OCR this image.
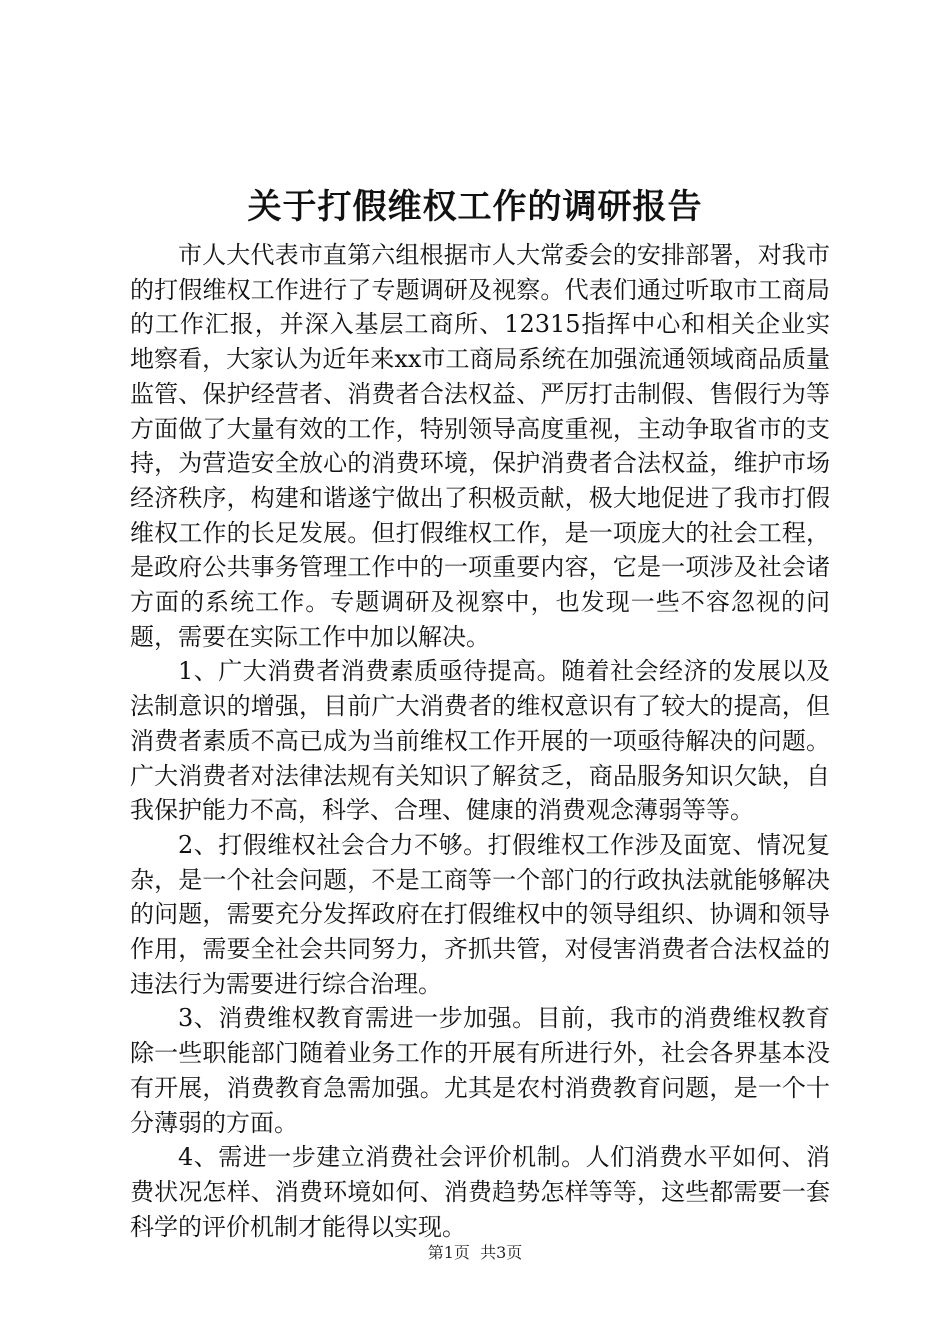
关于打假维权工作的调研报告

市人大代表市直第六组根据市人大常委会的安排部署，对我市的打假维权工作进行了专题调研及视察。代表们通过听取市工商局的工作汇报，并深入基层工商所、12315指挥中心和相关企业实地察看，大家认为近年来xx市工商局系统在加强流通领域商品质量监管、保护经营者、消费者合法权益、严厉打击制假、售假行为等方面做了大量有效的工作，特别领导高度重视，主动争取省市的支持，为营造安全放心的消费环境，保护消费者合法权益，维护市场经济秩序，构建和谐遂宁做出了积极贡献，极大地促进了我市打假维权工作的长足发展。但打假维权工作，是一项庞大的社会工程，是政府公共事务管理工作中的一项重要内容，它是一项涉及社会诸方面的系统工作。专题调研及视察中，也发现一些不容忽视的问题，需要在实际工作中加以解决。

1、广大消费者消费素质亟待提高。随着社会经济的发展以及法制意识的增强，目前广大消费者的维权意识有了较大的提高，但消费者素质不高已成为当前维权工作开展的一项亟待解决的问题。广大消费者对法律法规有关知识了解贫乏，商品服务知识欠缺，自我保护能力不高，科学、合理、健康的消费观念薄弱等等。

2、打假维权社会合力不够。打假维权工作涉及面宽、情况复杂，是一个社会问题，不是工商等一个部门的行政执法就能够解决的问题，需要充分发挥政府在打假维权中的领导组织、协调和领导作用，需要全社会共同努力，齐抓共管，对侵害消费者合法权益的违法行为需要进行综合治理。

3、消费维权教育需进一步加强。目前，我市的消费维权教育除一些职能部门随着业务工作的开展有所进行外，社会各界基本没有开展，消费教育急需加强。尤其是农村消费教育问题，是一个十分薄弱的方面。

4、需进一步建立消费社会评价机制。人们消费水平如何、消费状况怎样、消费环境如何、消费趋势怎样等等，这些都需要一套科学的评价机制才能得以实现。

第1页 共3页
